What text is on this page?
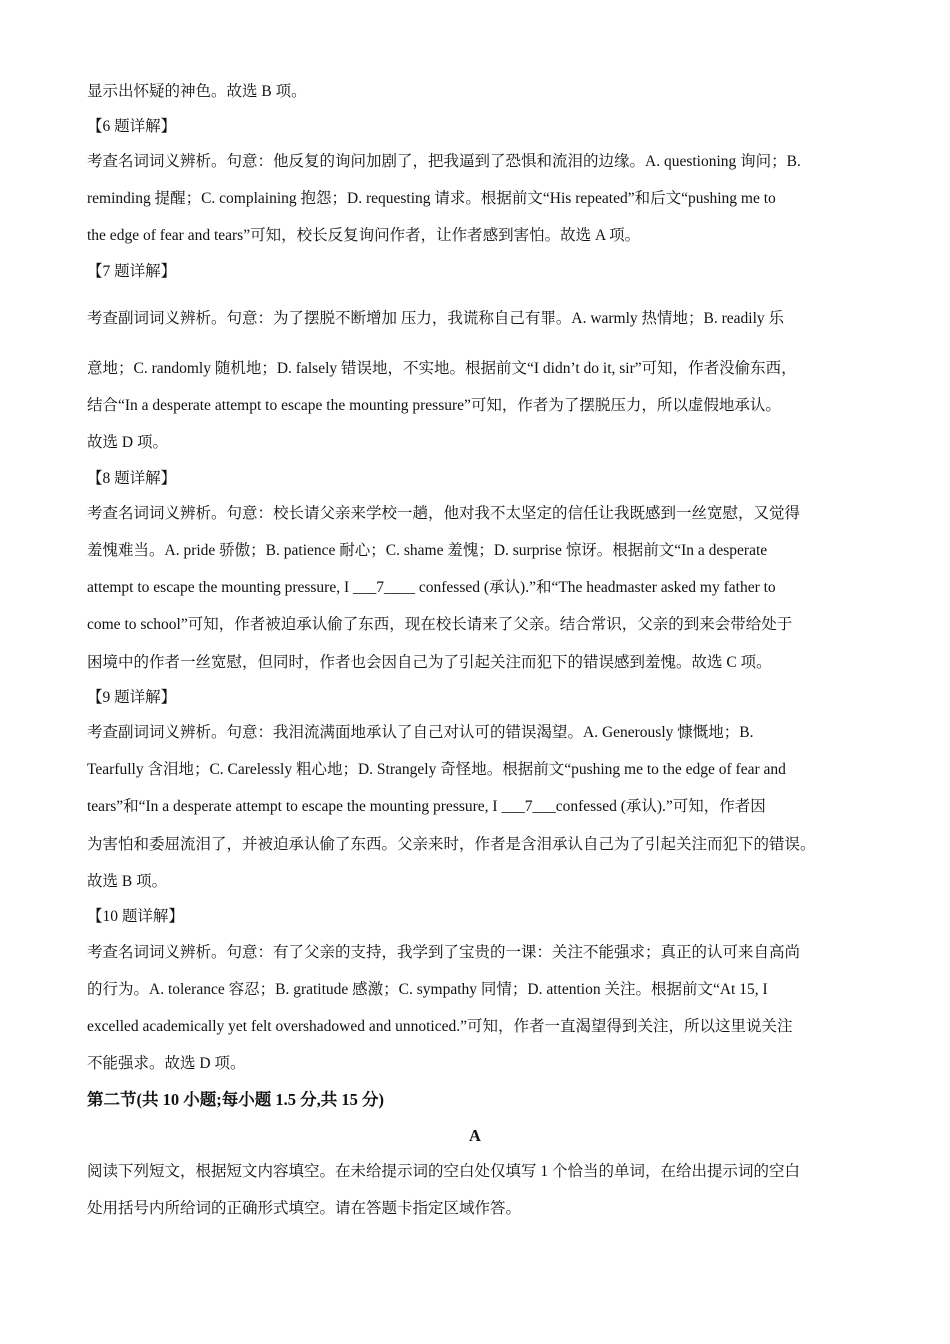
显示出怀疑的神色。故选 B 项。
【6 题详解】
考查名词词义辨析。句意：他反复的询问加剧了，把我逼到了恐惧和流泪的边缘。A. questioning 询问；B.
reminding 提醒；C. complaining 抱怨；D. requesting 请求。根据前文“His repeated”和后文“pushing me to
the edge of fear and tears”可知，校长反复询问作者，让作者感到害怕。故选 A 项。
【7 题详解】
考查副词词义辨析。句意：为了摆脱不断增加 压力，我谎称自己有罪。A. warmly 热情地；B. readily 乐
意地；C. randomly 随机地；D. falsely 错误地，不实地。根据前文“I didn’t do it, sir”可知，作者没偷东西，
结合“In a desperate attempt to escape the mounting pressure”可知，作者为了摆脱压力，所以虚假地承认。
故选 D 项。
【8 题详解】
考查名词词义辨析。句意：校长请父亲来学校一趟，他对我不太坚定的信任让我既感到一丝宽慰，又觉得
羞愧难当。A. pride 骄傲；B. patience 耐心；C. shame 羞愧；D. surprise 惊讶。根据前文“In a desperate
attempt to escape the mounting pressure, I ___7____ confessed (承认).”和“The headmaster asked my father to
come to school”可知，作者被迫承认偷了东西，现在校长请来了父亲。结合常识，父亲的到来会带给处于
困境中的作者一丝宽慰，但同时，作者也会因自己为了引起关注而犯下的错误感到羞愧。故选 C 项。
【9 题详解】
考查副词词义辨析。句意：我泪流满面地承认了自己对认可的错误渴望。A. Generously 慷慨地；B.
Tearfully 含泪地；C. Carelessly 粗心地；D. Strangely 奇怪地。根据前文“pushing me to the edge of fear and
tears”和“In a desperate attempt to escape the mounting pressure, I ___7___confessed (承认).”可知，作者因
为害怕和委屈流泪了，并被迫承认偷了东西。父亲来时，作者是含泪承认自己为了引起关注而犯下的错误。
故选 B 项。
【10 题详解】
考查名词词义辨析。句意：有了父亲的支持，我学到了宝贵的一课：关注不能强求；真正的认可来自高尚
的行为。A. tolerance 容忍；B. gratitude 感激；C. sympathy 同情；D. attention 关注。根据前文“At 15, I
excelled academically yet felt overshadowed and unnoticed.”可知，作者一直渴望得到关注，所以这里说关注
不能强求。故选 D 项。
第二节(共 10 小题;每小题 1.5 分,共 15 分)
A
阅读下列短文，根据短文内容填空。在未给提示词的空白处仅填写 1 个恰当的单词，在给出提示词的空白
处用括号内所给词的正确形式填空。请在答题卡指定区域作答。
